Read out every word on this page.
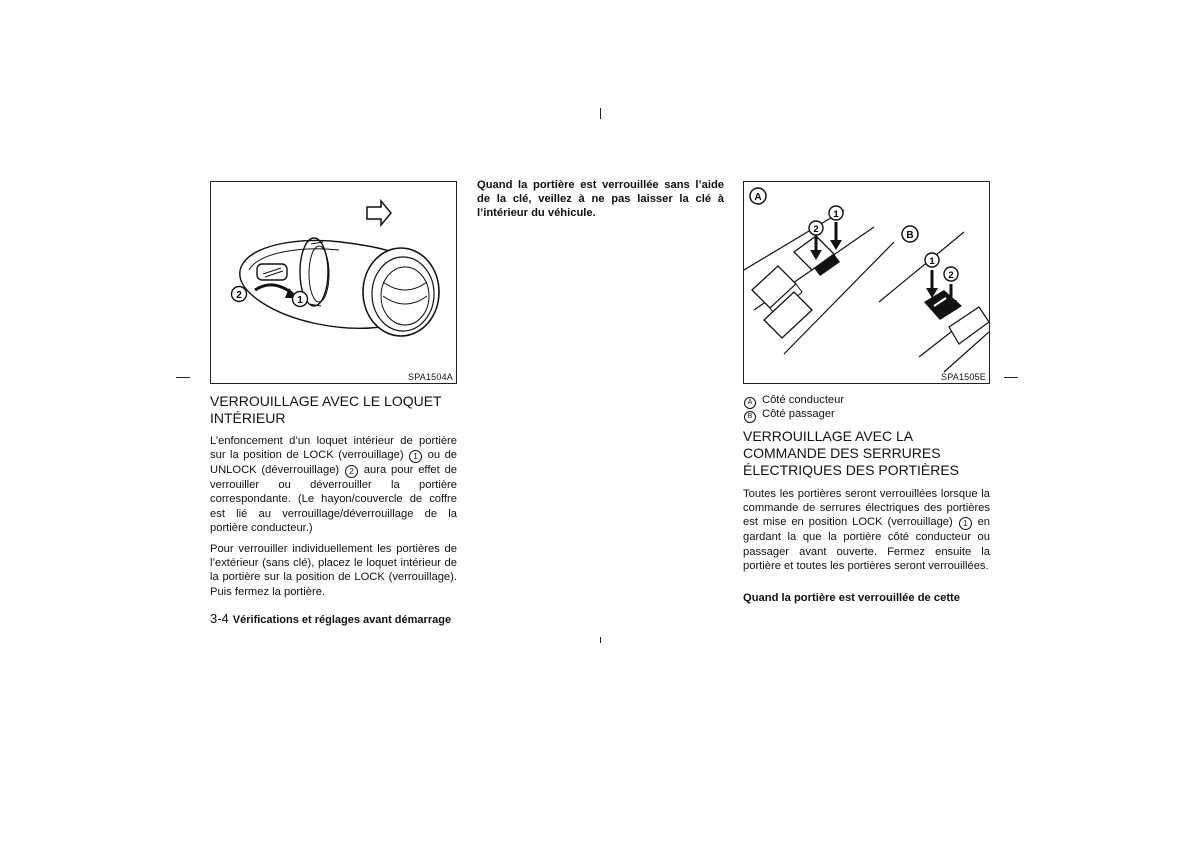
2	1
SPA1504A
VERROUILLAGE AVEC LE LOQUET INTÉRIEUR

L’enfoncement d’un loquet intérieur de portière sur la position de LOCK (verrouillage) 1 ou de UNLOCK (déverrouillage) 2 aura pour effet de verrouiller ou déverrouiller la portière correspondante. (Le hayon/couvercle de coffre est lié au verrouillage/déverrouillage de la portière conducteur.)

Pour verrouiller individuellement les portières de l’extérieur (sans clé), placez le loquet intérieur de la portière sur la position de LOCK (verrouillage). Puis fermez la portière.

Quand la portière est verrouillée sans l’aide de la clé, veillez à ne pas laisser la clé à l’intérieur du véhicule.

A
B
1
2
1
2
SPA1505E
A Côté conducteur
B Côté passager
VERROUILLAGE AVEC LA COMMANDE DES SERRURES ÉLECTRIQUES DES PORTIÈRES

Toutes les portières seront verrouillées lorsque la commande de serrures électriques des portières est mise en position LOCK (verrouillage) 1 en gardant la que la portière côté conducteur ou passager avant ouverte. Fermez ensuite la portière et toutes les portières seront verrouillées.

Quand la portière est verrouillée de cette

3-4 Vérifications et réglages avant démarrage
